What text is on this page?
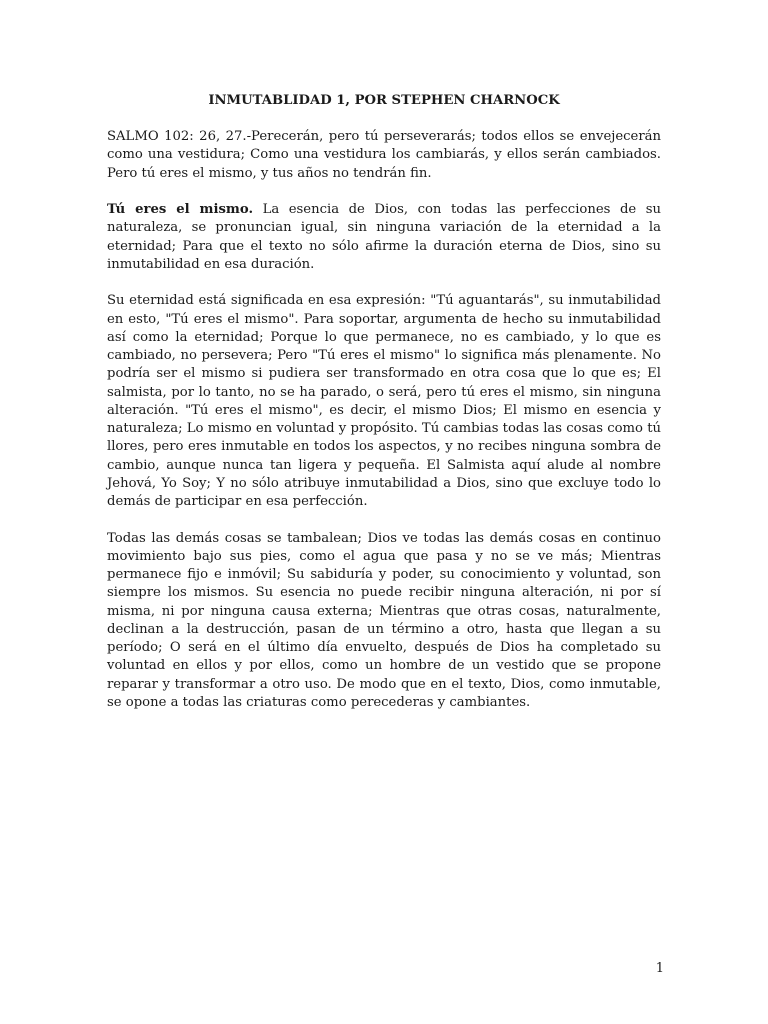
INMUTABLIDAD 1, POR STEPHEN CHARNOCK

SALMO 102: 26, 27.-Perecerán, pero tú perseverarás; todos ellos se envejecerán como una vestidura; Como una vestidura los cambiarás, y ellos serán cambiados. Pero tú eres el mismo, y tus años no tendrán fin.

Tú eres el mismo. La esencia de Dios, con todas las perfecciones de su naturaleza, se pronuncian igual, sin ninguna variación de la eternidad a la eternidad; Para que el texto no sólo afirme la duración eterna de Dios, sino su inmutabilidad en esa duración.

Su eternidad está significada en esa expresión: "Tú aguantarás", su inmutabilidad en esto, "Tú eres el mismo". Para soportar, argumenta de hecho su inmutabilidad así como la eternidad; Porque lo que permanece, no es cambiado, y lo que es cambiado, no persevera; Pero "Tú eres el mismo" lo significa más plenamente. No podría ser el mismo si pudiera ser transformado en otra cosa que lo que es; El salmista, por lo tanto, no se ha parado, o será, pero tú eres el mismo, sin ninguna alteración. "Tú eres el mismo", es decir, el mismo Dios; El mismo en esencia y naturaleza; Lo mismo en voluntad y propósito. Tú cambias todas las cosas como tú llores, pero eres inmutable en todos los aspectos, y no recibes ninguna sombra de cambio, aunque nunca tan ligera y pequeña. El Salmista aquí alude al nombre Jehová, Yo Soy; Y no sólo atribuye inmutabilidad a Dios, sino que excluye todo lo demás de participar en esa perfección.

Todas las demás cosas se tambalean; Dios ve todas las demás cosas en continuo movimiento bajo sus pies, como el agua que pasa y no se ve más; Mientras permanece fijo e inmóvil; Su sabiduría y poder, su conocimiento y voluntad, son siempre los mismos. Su esencia no puede recibir ninguna alteración, ni por sí misma, ni por ninguna causa externa; Mientras que otras cosas, naturalmente, declinan a la destrucción, pasan de un término a otro, hasta que llegan a su período; O será en el último día envuelto, después de Dios ha completado su voluntad en ellos y por ellos, como un hombre de un vestido que se propone reparar y transformar a otro uso. De modo que en el texto, Dios, como inmutable, se opone a todas las criaturas como perecederas y cambiantes.

1
